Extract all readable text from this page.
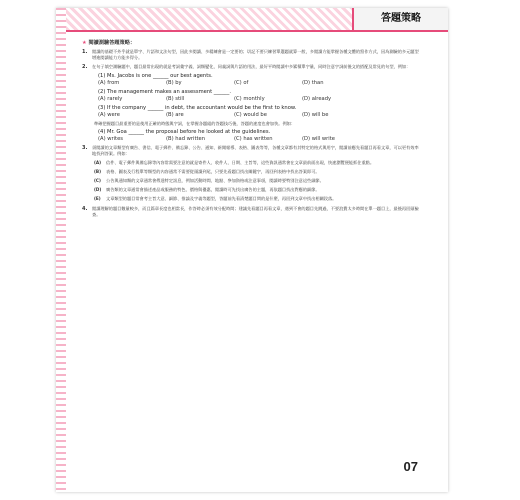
答題策略
★ 閱讀測驗答題策略：
1.	閱讀的基礎不外乎就是單字、片語和文法句型，因此多閱讀、多精練會是一定要的；切記不要只練習單選題就算一般，多閱讀方能掌握各種文體的寫作方式，因為測驗的多元題型增進閱讀能力方能多得分。
2.	在句子填空測驗題中，題目最常出現的就是考詞彙字義、詞類變化、同義詞與片語的用法，最好平時閱讀中多累積單字量，同時注意字詞前後文的搭配及常見的句型，例如：
(1) Ms. Jacobs is one ______ our best agents.
(A) from	(B) by	(C) of	(D) than
(2) The management makes an assessment ______.
(A) rarely	(B) still	(C) monthly	(D) already
(3) If the company ______ in debt, the accountant would be the first to know.
(A) were	(B) are	(C) would be	(D) will be
準確把握題目最重要的是使用正確的時態與字詞，在掌握各題組的答題技巧後，答題的速度也會加快。例如：
(4) Mr. Goa ______ the proposal before he looked at the guidelines.
(A) writes	(B) had written	(C) has written	(D) will write
3.	須閱讀的文章類型有廣告、書信、電子郵件、備忘錄、公告、通知、新聞報導、表格、圖表等等，各種文章都有其特定的格式與用字，閱讀前應先看題目再看文章，可以更有效率地找到答案。例如：
(A)	信件、電子郵件與備忘錄等內容常需要注意的就是寄件人、收件人、日期、主旨等，這些資訊通常會在文章最前面出現，快速瀏覽便能抓住重點。
(B)	表格、圖表及行程單等類型的內容通常不需要從頭讀到尾，只要先看題目找出關鍵字，再回到表格中找出答案即可。
(C)	公告與通知類的文章通常會傳達特定訊息，例如活動時間、地點、參加資格或注意事項，閱讀時要特別注意這些細節。
(D)	廣告類的文章通常會描述產品或服務的特色、價格與優惠，閱讀時可先找出廣告的主題，再依題目找出對應的細節。
(E)	文章類型的題目常會考主旨大意、細節、推論及字義等題型，答題前先看清楚題目問的是什麼，再回到文章中找出相關段落。
4.	閱讀理解的題目數量較多，而且篇章長度也相當長，作答時必須有效分配時間；建議先看題目再看文章，遇到不會的題目先跳過，不要浪費太多時間在單一題目上，最後再回頭檢查。
07
